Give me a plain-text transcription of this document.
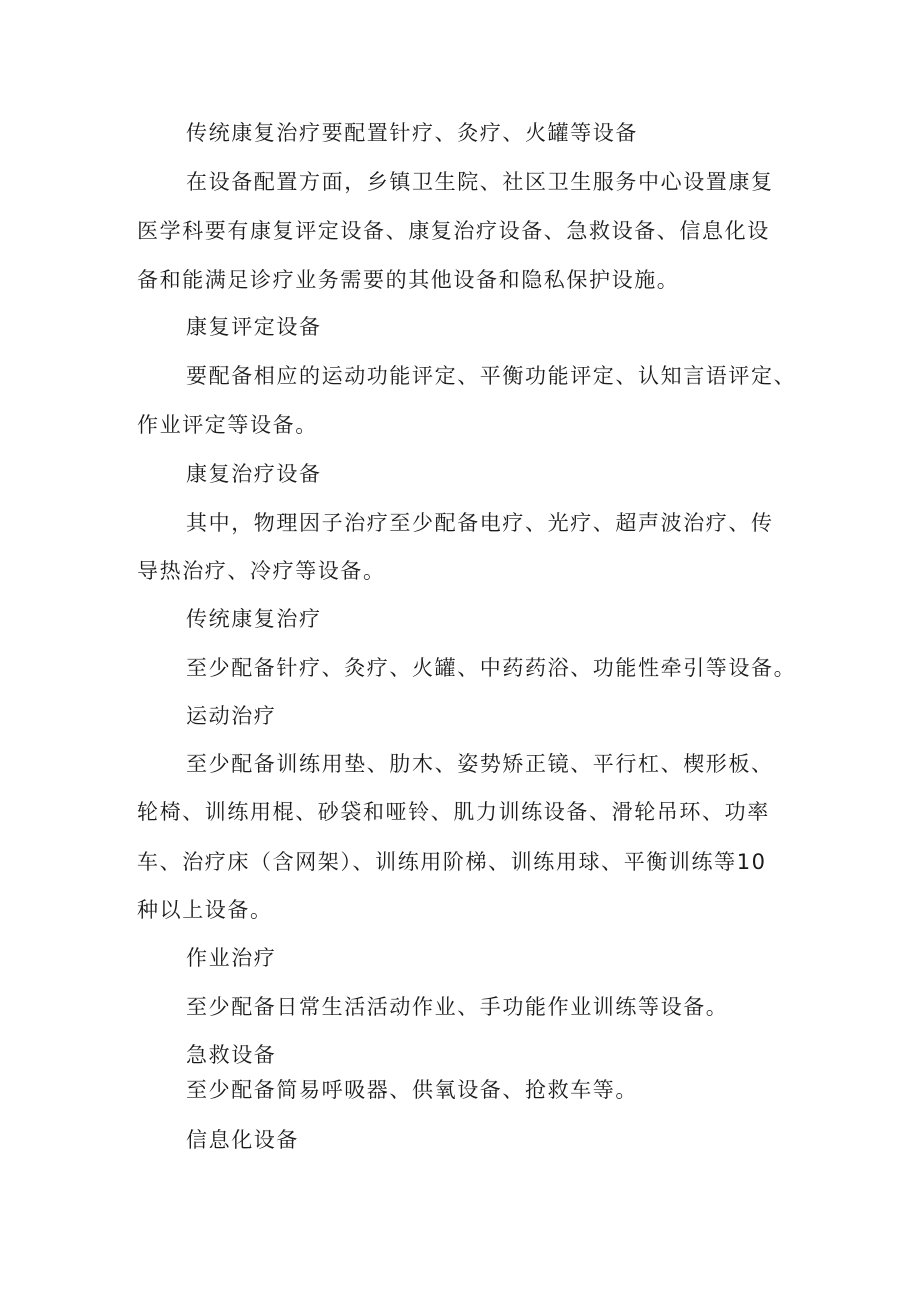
传统康复治疗要配置针疗、灸疗、火罐等设备
在设备配置方面，乡镇卫生院、社区卫生服务中心设置康复
医学科要有康复评定设备、康复治疗设备、急救设备、信息化设
备和能满足诊疗业务需要的其他设备和隐私保护设施。
康复评定设备
要配备相应的运动功能评定、平衡功能评定、认知言语评定、
作业评定等设备。
康复治疗设备
其中，物理因子治疗至少配备电疗、光疗、超声波治疗、传
导热治疗、冷疗等设备。
传统康复治疗
至少配备针疗、灸疗、火罐、中药药浴、功能性牵引等设备。
运动治疗
至少配备训练用垫、肋木、姿势矫正镜、平行杠、楔形板、
轮椅、训练用棍、砂袋和哑铃、肌力训练设备、滑轮吊环、功率
车、治疗床（含网架）、训练用阶梯、训练用球、平衡训练等10
种以上设备。
作业治疗
至少配备日常生活活动作业、手功能作业训练等设备。
急救设备
至少配备简易呼吸器、供氧设备、抢救车等。
信息化设备
